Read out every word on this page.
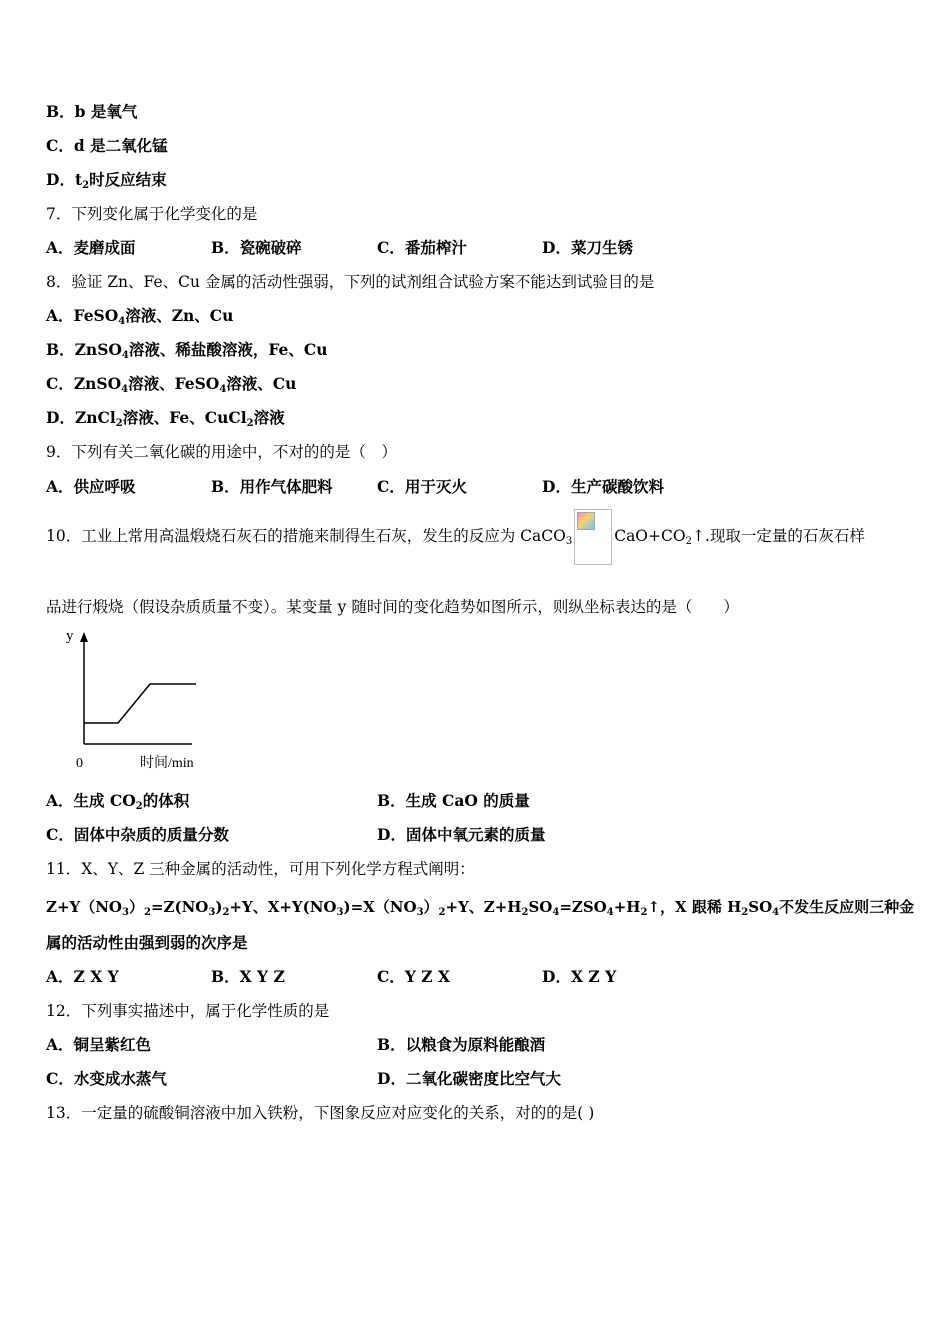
B．b 是氧气
C．d 是二氧化锰
D．$t_2$时反应结束
7．下列变化属于化学变化的是
A．麦磨成面	B．瓷碗破碎	C．番茄榨汁	D．菜刀生锈
8．验证 Zn、Fe、Cu 金属的活动性强弱，下列的试剂组合试验方案不能达到试验目的是
A．FeSO$_4$溶液、Zn、Cu
B．ZnSO$_4$溶液、稀盐酸溶液，Fe、Cu
C．ZnSO$_4$溶液、FeSO$_4$溶液、Cu
D．ZnCl$_2$溶液、Fe、CuCl$_2$溶液
9．下列有关二氧化碳的用途中，不对的的是（　）
A．供应呼吸	B．用作气体肥料	C．用于灭火	D．生产碳酸饮料
10．工业上常用高温煅烧石灰石的措施来制得生石灰，发生的反应为 CaCO$_3$	$CaO+CO_2↑$.现取一定量的石灰石样
品进行煅烧（假设杂质质量不变）。某变量 y 随时间的变化趋势如图所示，则纵坐标表达的是（　　）
y
0	时间/min
A．生成 $CO_2$的体积	B．生成 CaO 的质量
C．固体中杂质的质量分数	D．固体中氧元素的质量
11．X、Y、Z 三种金属的活动性，可用下列化学方程式阐明：
$Z+Y(NO_3)_2=Z(NO_3)_2+Y$、$X+Y(NO_3)=X(NO_3)_2+Y$、$Z+H_2SO_4=ZSO_4+H_2↑$，X 跟稀 $H_2SO_4$不发生反应则三种金
属的活动性由强到弱的次序是
A．Z X Y	B．X Y Z	C．Y Z X	D．X Z Y
12．下列事实描述中，属于化学性质的是
A．铜呈紫红色	B．以粮食为原料能酿酒
C．水变成水蒸气	D．二氧化碳密度比空气大
13．一定量的硫酸铜溶液中加入铁粉，下图象反应对应变化的关系，对的的是( )
